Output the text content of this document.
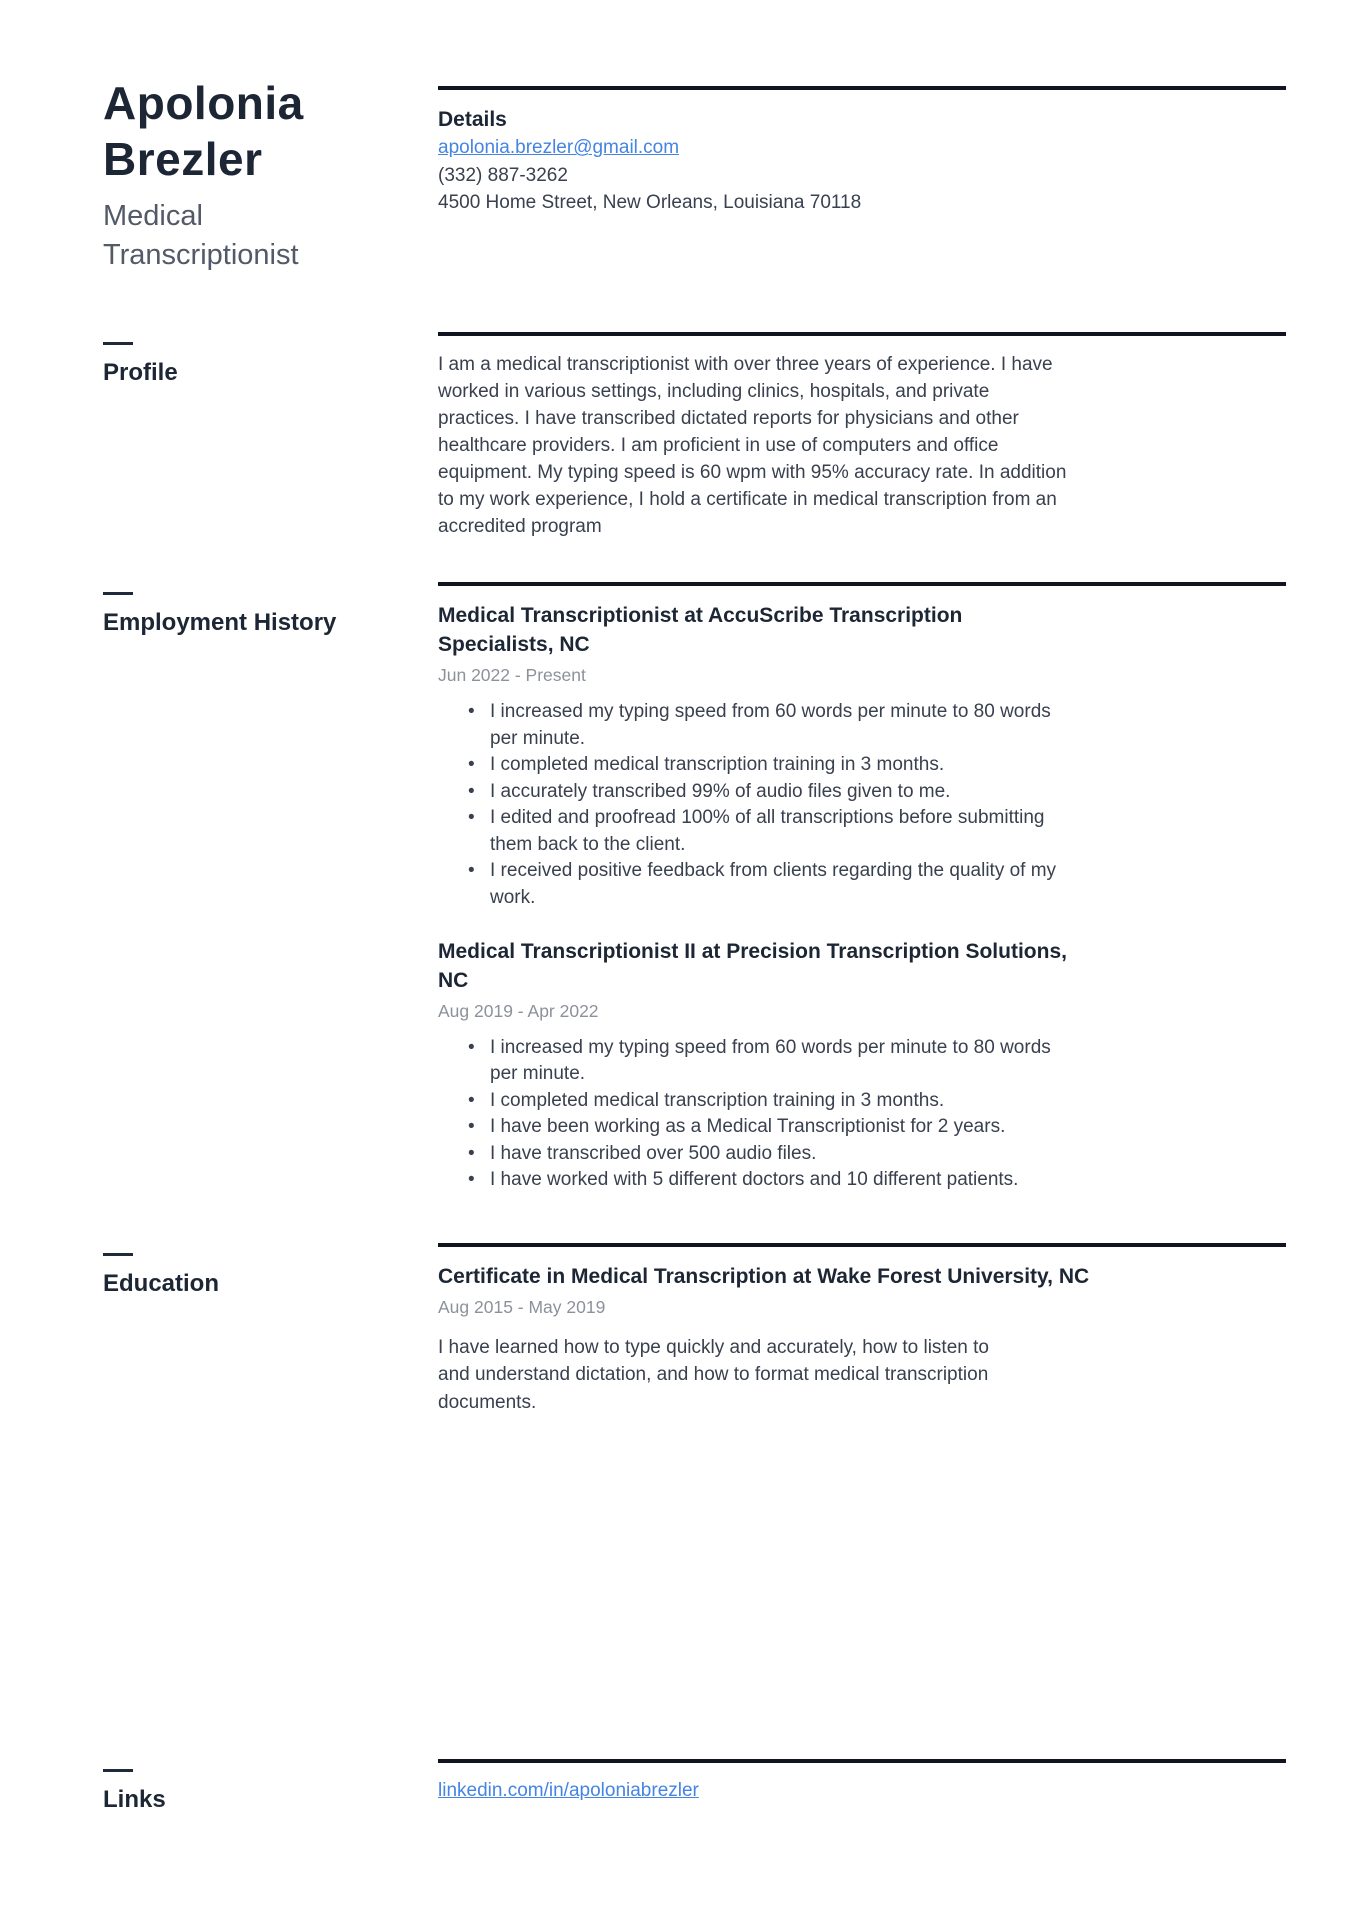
Apolonia Brezler
Medical Transcriptionist
Details
apolonia.brezler@gmail.com
(332) 887-3262
4500 Home Street, New Orleans, Louisiana 70118
Profile	I am a medical transcriptionist with over three years of experience. I have worked in various settings, including clinics, hospitals, and private practices. I have transcribed dictated reports for physicians and other healthcare providers. I am proficient in use of computers and office equipment. My typing speed is 60 wpm with 95% accuracy rate. In addition to my work experience, I hold a certificate in medical transcription from an accredited program

Employment History	Medical Transcriptionist at AccuScribe Transcription Specialists, NC
Jun 2022 - Present
• I increased my typing speed from 60 words per minute to 80 words per minute.
• I completed medical transcription training in 3 months.
• I accurately transcribed 99% of audio files given to me.
• I edited and proofread 100% of all transcriptions before submitting them back to the client.
• I received positive feedback from clients regarding the quality of my work.
Medical Transcriptionist II at Precision Transcription Solutions, NC
Aug 2019 - Apr 2022
• I increased my typing speed from 60 words per minute to 80 words per minute.
• I completed medical transcription training in 3 months.
• I have been working as a Medical Transcriptionist for 2 years.
• I have transcribed over 500 audio files.
• I have worked with 5 different doctors and 10 different patients.
Education	Certificate in Medical Transcription at Wake Forest University, NC
Aug 2015 - May 2019

I have learned how to type quickly and accurately, how to listen to and understand dictation, and how to format medical transcription documents.

Links	linkedin.com/in/apoloniabrezler
